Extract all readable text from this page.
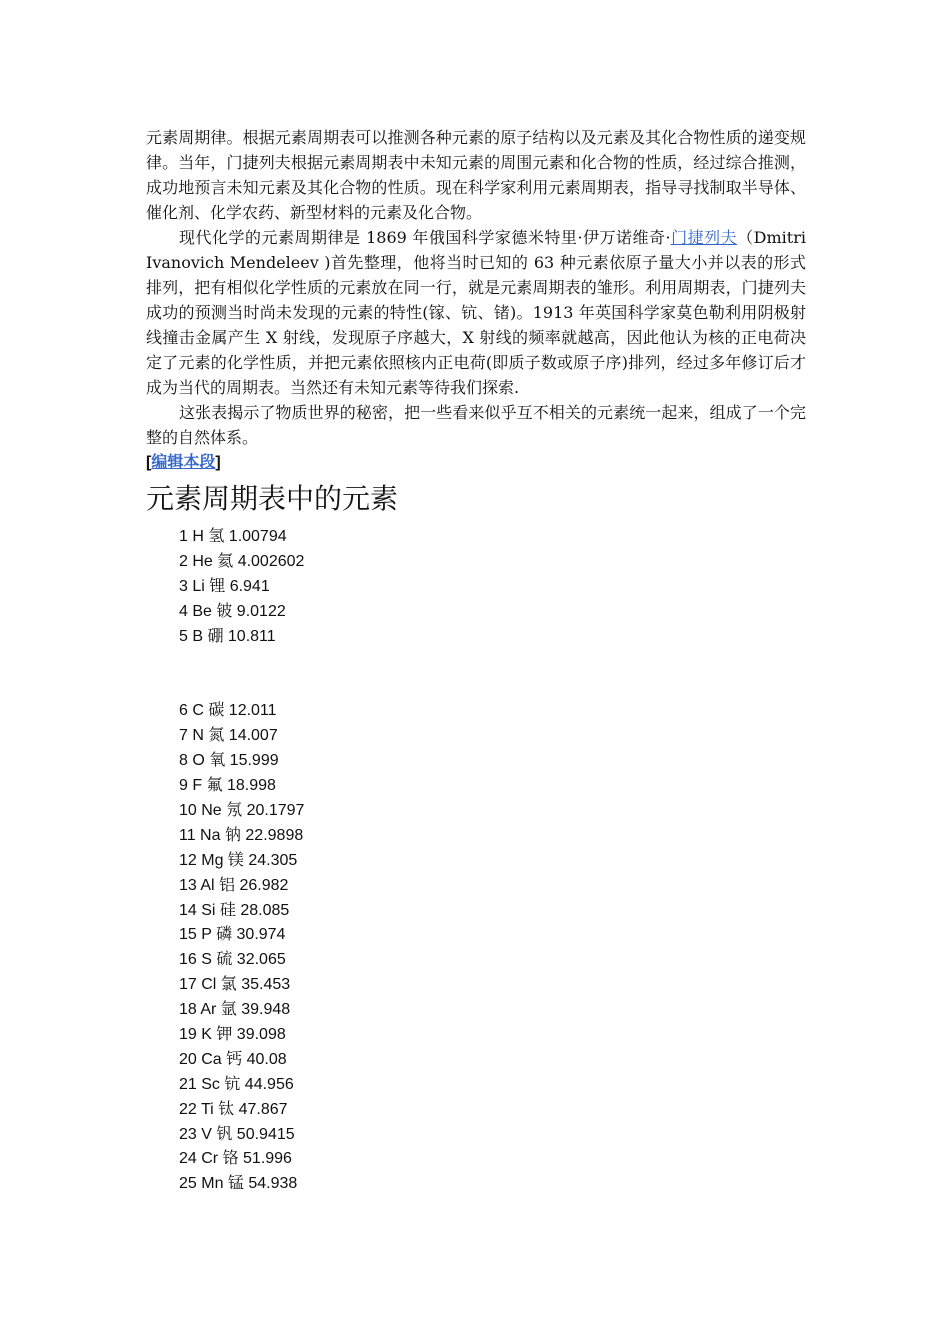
元素周期律。根据元素周期表可以推测各种元素的原子结构以及元素及其化合物性质的递变规律。当年，门捷列夫根据元素周期表中未知元素的周围元素和化合物的性质，经过综合推测，成功地预言未知元素及其化合物的性质。现在科学家利用元素周期表，指导寻找制取半导体、催化剂、化学农药、新型材料的元素及化合物。

现代化学的元素周期律是 1869 年俄国科学家德米特里·伊万诺维奇·门捷列夫（Dmitri Ivanovich Mendeleev )首先整理，他将当时已知的 63 种元素依原子量大小并以表的形式排列，把有相似化学性质的元素放在同一行，就是元素周期表的雏形。利用周期表，门捷列夫成功的预测当时尚未发现的元素的特性(镓、钪、锗)。1913 年英国科学家莫色勒利用阴极射线撞击金属产生 X 射线，发现原子序越大，X 射线的频率就越高，因此他认为核的正电荷决定了元素的化学性质，并把元素依照核内正电荷(即质子数或原子序)排列，经过多年修订后才成为当代的周期表。当然还有未知元素等待我们探索.

这张表揭示了物质世界的秘密，把一些看来似乎互不相关的元素统一起来，组成了一个完整的自然体系。

[编辑本段]

元素周期表中的元素
1 H 氢 1.00794
2 He 氦 4.002602
3 Li 锂 6.941
4 Be 铍 9.0122
5 B 硼 10.811
6 C 碳 12.011
7 N 氮 14.007
8 O 氧 15.999
9 F 氟 18.998
10 Ne 氖 20.1797
11 Na 钠 22.9898
12 Mg 镁 24.305
13 Al 铝 26.982
14 Si 硅 28.085
15 P 磷 30.974
16 S 硫 32.065
17 Cl 氯 35.453
18 Ar 氩 39.948
19 K 钾 39.098
20 Ca 钙 40.08
21 Sc 钪 44.956
22 Ti 钛 47.867
23 V 钒 50.9415
24 Cr 铬 51.996
25 Mn 锰 54.938
